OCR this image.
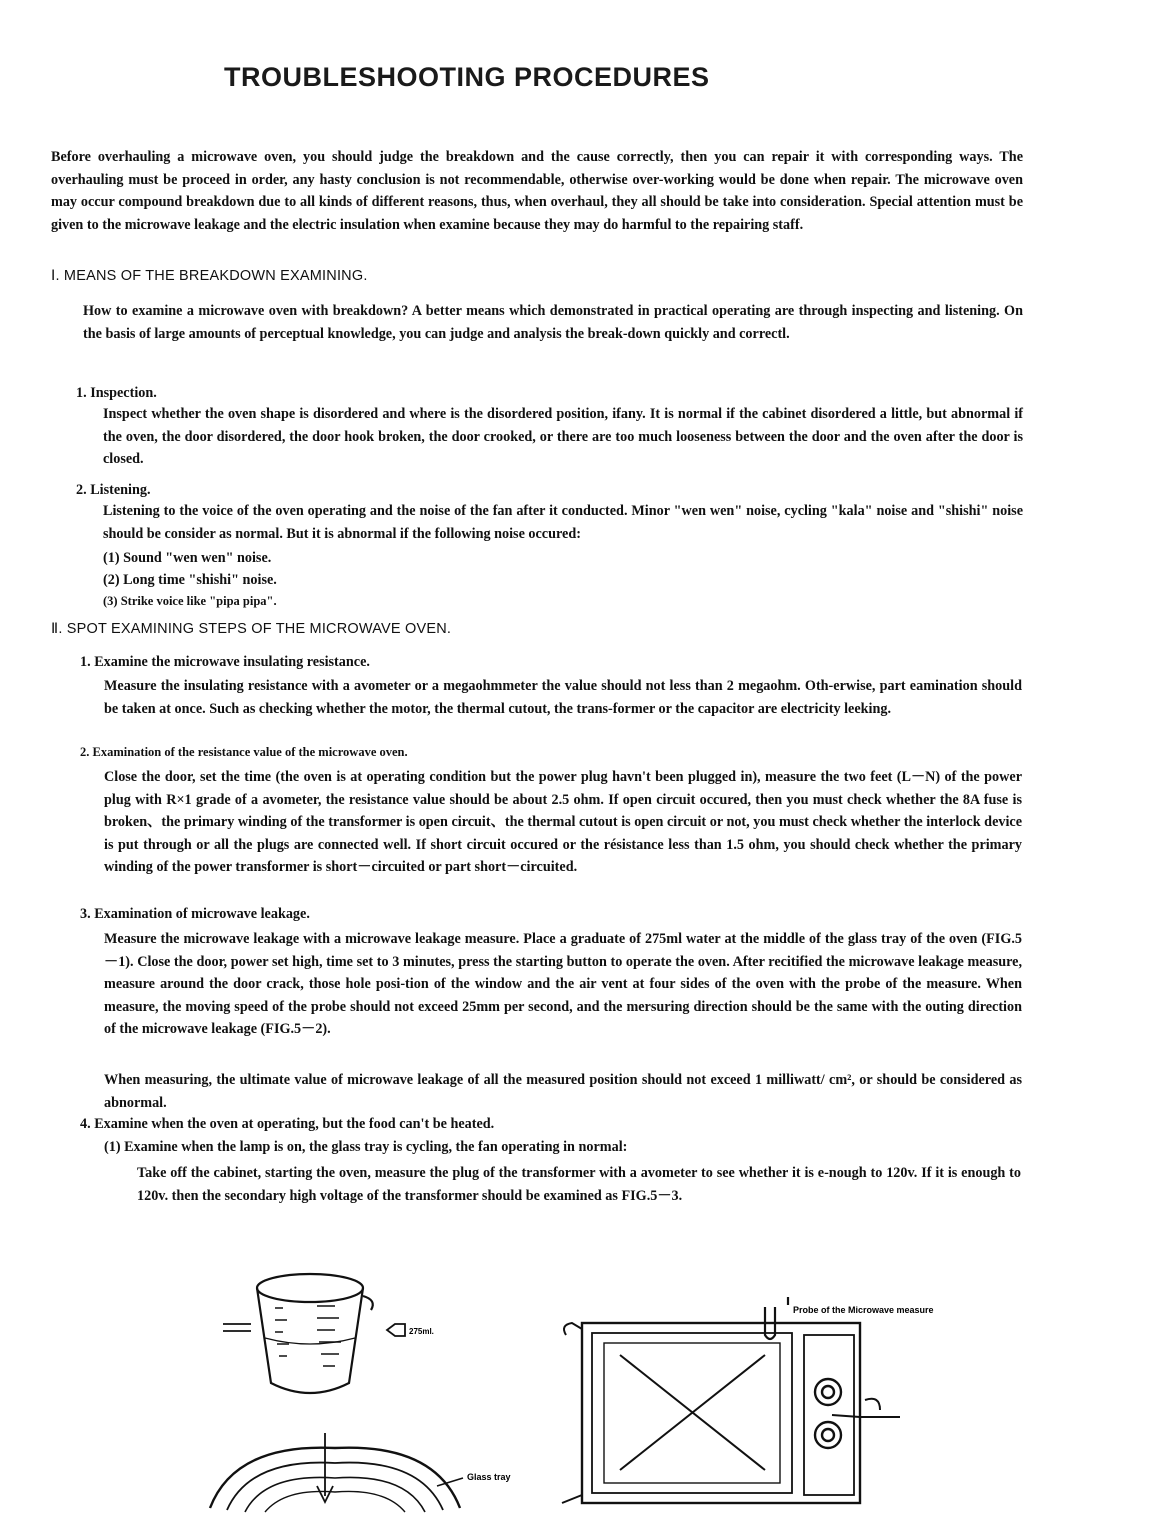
TROUBLESHOOTING PROCEDURES

Before overhauling a microwave oven, you should judge the breakdown and the cause correctly, then you can repair it with corresponding ways. The overhauling must be proceed in order, any hasty conclusion is not recommendable, otherwise over-working would be done when repair. The microwave oven may occur compound breakdown due to all kinds of different reasons, thus, when overhaul, they all should be take into consideration. Special attention must be given to the microwave leakage and the electric insulation when examine because they may do harmful to the repairing staff.

Ⅰ. MEANS OF THE BREAKDOWN EXAMINING.

How to examine a microwave oven with breakdown? A better means which demonstrated in practical operating are through inspecting and listening. On the basis of large amounts of perceptual knowledge, you can judge and analysis the break-down quickly and correctl.

1. Inspection.

Inspect whether the oven shape is disordered and where is the disordered position, ifany. It is normal if the cabinet disordered a little, but abnormal if the oven, the door disordered, the door hook broken, the door crooked, or there are too much looseness between the door and the oven after the door is closed.

2. Listening.

Listening to the voice of the oven operating and the noise of the fan after it conducted. Minor "wen wen" noise, cycling "kala" noise and "shishi" noise should be consider as normal. But it is abnormal if the following noise occured:

(1) Sound "wen wen" noise.
(2) Long time "shishi" noise.
(3) Strike voice like "pipa pipa".
Ⅱ. SPOT EXAMINING STEPS OF THE MICROWAVE OVEN.
1. Examine the microwave insulating resistance.

Measure the insulating resistance with a avometer or a megaohmmeter the value should not less than 2 megaohm. Oth-erwise, part eamination should be taken at once. Such as checking whether the motor, the thermal cutout, the trans-former or the capacitor are electricity leeking.

2. Examination of the resistance value of the microwave oven.

Close the door, set the time (the oven is at operating condition but the power plug havn't been plugged in), measure the two feet (L－N) of the power plug with R×1 grade of a avometer, the resistance value should be about 2.5 ohm. If open circuit occured, then you must check whether the 8A fuse is broken、the primary winding of the transformer is open circuit、the thermal cutout is open circuit or not, you must check whether the interlock device is put through or all the plugs are connected well. If short circuit occured or the résistance less than 1.5 ohm, you should check whether the primary winding of the power transformer is short－circuited or part short－circuited.

3. Examination of microwave leakage.

Measure the microwave leakage with a microwave leakage measure. Place a graduate of 275ml water at the middle of the glass tray of the oven (FIG.5－1). Close the door, power set high, time set to 3 minutes, press the starting button to operate the oven. After recitified the microwave leakage measure, measure around the door crack, those hole posi-tion of the window and the air vent at four sides of the oven with the probe of the measure. When measure, the moving speed of the probe should not exceed 25mm per second, and the mersuring direction should be the same with the outing direction of the microwave leakage (FIG.5－2).

When measuring, the ultimate value of microwave leakage of all the measured position should not exceed 1 milliwatt/ cm², or should be considered as abnormal.

4. Examine when the oven at operating, but the food can't be heated.
(1) Examine when the lamp is on, the glass tray is cycling, the fan operating in normal:

Take off the cabinet, starting the oven, measure the plug of the transformer with a avometer to see whether it is e-nough to 120v. If it is enough to 120v. then the secondary high voltage of the transformer should be examined as FIG.5－3.

275ml.
Glass tray
Probe of the Microwave measure
